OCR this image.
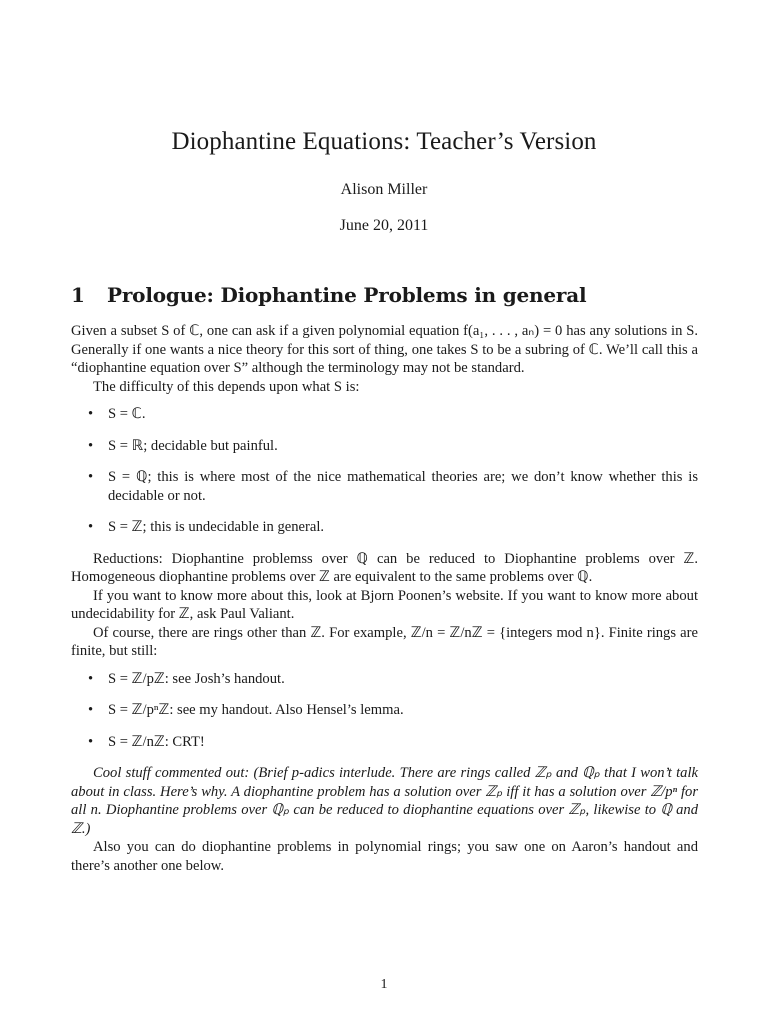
Diophantine Equations: Teacher’s Version
Alison Miller
June 20, 2011
1 Prologue: Diophantine Problems in general

Given a subset S of ℂ, one can ask if a given polynomial equation f(a₁, . . . , aₙ) = 0 has any solutions in S. Generally if one wants a nice theory for this sort of thing, one takes S to be a subring of ℂ. We’ll call this a “diophantine equation over S” although the terminology may not be standard.

The difficulty of this depends upon what S is:

• S = ℂ.
• S = ℝ; decidable but painful.
• S = ℚ; this is where most of the nice mathematical theories are; we don’t know whether this is decidable or not.
• S = ℤ; this is undecidable in general.

Reductions: Diophantine problemss over ℚ can be reduced to Diophantine problems over ℤ. Homogeneous diophantine problems over ℤ are equivalent to the same problems over ℚ.

If you want to know more about this, look at Bjorn Poonen’s website. If you want to know more about undecidability for ℤ, ask Paul Valiant.

Of course, there are rings other than ℤ. For example, ℤ/n = ℤ/nℤ = {integers mod n}. Finite rings are finite, but still:

• S = ℤ/pℤ: see Josh’s handout.
• S = ℤ/pⁿℤ: see my handout. Also Hensel’s lemma.
• S = ℤ/nℤ: CRT!

Cool stuff commented out: (Brief p-adics interlude. There are rings called ℤₚ and ℚₚ that I won’t talk about in class. Here’s why. A diophantine problem has a solution over ℤₚ iff it has a solution over ℤ/pⁿ for all n. Diophantine problems over ℚₚ can be reduced to diophantine equations over ℤₚ, likewise to ℚ and ℤ.)

Also you can do diophantine problems in polynomial rings; you saw one on Aaron’s handout and there’s another one below.

1
